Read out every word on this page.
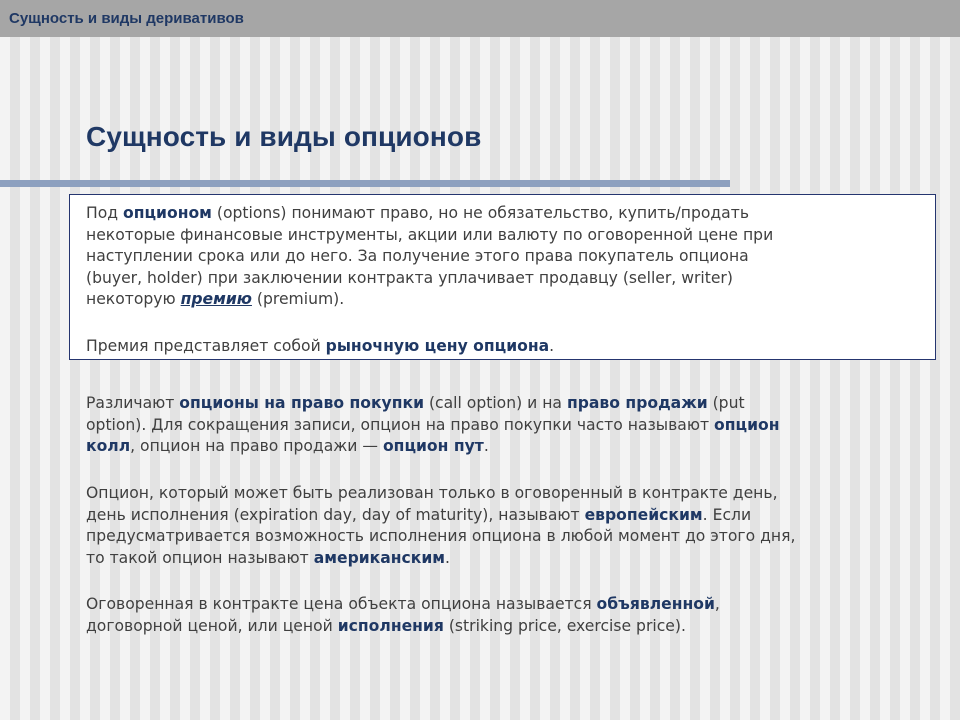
Сущность и виды деривативов
Сущность и виды опционов
Под опционом (options) понимают право, но не обязательство, купить/продать
некоторые финансовые инструменты, акции или валюту по оговоренной цене при
наступлении срока или до него. За получение этого права покупатель опциона
(buyer, holder) при заключении контракта уплачивает продавцу (seller, writer)
некоторую премию (premium).
Премия представляет собой рыночную цену опциона.
Различают опционы на право покупки (call option) и на право продажи (put
option). Для сокращения записи, опцион на право покупки часто называют опцион
колл, опцион на право продажи — опцион пут.
Опцион, который может быть реализован только в оговоренный в контракте день,
день исполнения (expiration day, day of maturity), называют европейским. Если
предусматривается возможность исполнения опциона в любой момент до этого дня,
то такой опцион называют американским.
Оговоренная в контракте цена объекта опциона называется объявленной,
договорной ценой, или ценой исполнения (striking price, exercise price).
